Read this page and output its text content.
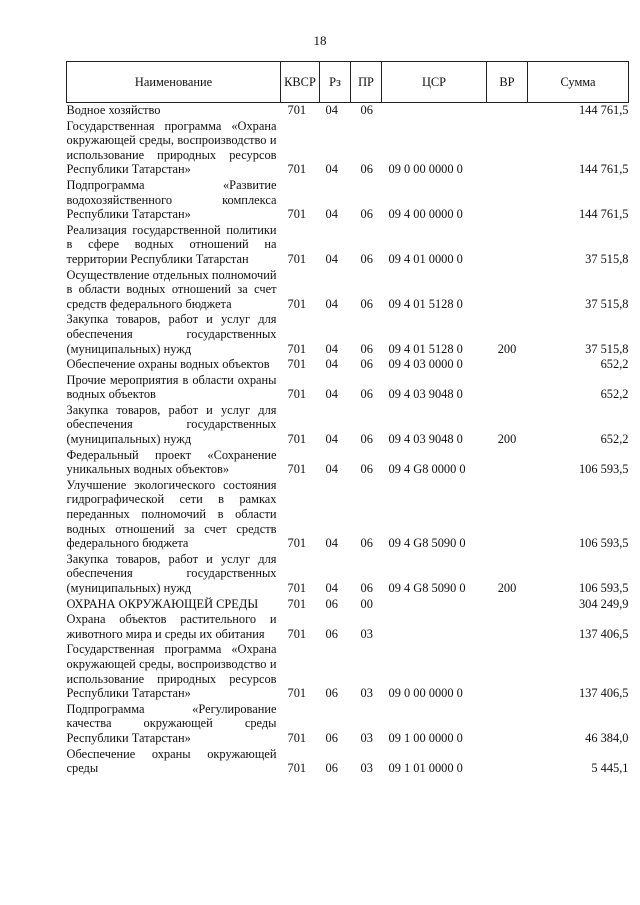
18
Наименование	КВСР	Рз	ПР	ЦСР	ВР	Сумма
Водное хозяйство	701	04	06			144 761,5
Государственная программа «Охрана окружающей среды, воспроизводство и использование природных ресурсов Республики Татарстан»	701	04	06	09 0 00 0000 0		144 761,5
Подпрограмма «Развитие водохозяйственного комплекса Республики Татарстан»	701	04	06	09 4 00 0000 0		144 761,5
Реализация государственной политики в сфере водных отношений на территории Республики Татарстан	701	04	06	09 4 01 0000 0		37 515,8
Осуществление отдельных полномочий в области водных отношений за счет средств федерального бюджета	701	04	06	09 4 01 5128 0		37 515,8
Закупка товаров, работ и услуг для обеспечения государственных (муниципальных) нужд	701	04	06	09 4 01 5128 0	200	37 515,8
Обеспечение охраны водных объектов	701	04	06	09 4 03 0000 0		652,2
Прочие мероприятия в области охраны водных объектов	701	04	06	09 4 03 9048 0		652,2
Закупка товаров, работ и услуг для обеспечения государственных (муниципальных) нужд	701	04	06	09 4 03 9048 0	200	652,2
Федеральный проект «Сохранение уникальных водных объектов»	701	04	06	09 4 G8 0000 0		106 593,5
Улучшение экологического состояния гидрографической сети в рамках переданных полномочий в области водных отношений за счет средств федерального бюджета	701	04	06	09 4 G8 5090 0		106 593,5
Закупка товаров, работ и услуг для обеспечения государственных (муниципальных) нужд	701	04	06	09 4 G8 5090 0	200	106 593,5
ОХРАНА ОКРУЖАЮЩЕЙ СРЕДЫ	701	06	00			304 249,9
Охрана объектов растительного и животного мира и среды их обитания	701	06	03			137 406,5
Государственная программа «Охрана окружающей среды, воспроизводство и использование природных ресурсов Республики Татарстан»	701	06	03	09 0 00 0000 0		137 406,5
Подпрограмма «Регулирование качества окружающей среды Республики Татарстан»	701	06	03	09 1 00 0000 0		46 384,0
Обеспечение охраны окружающей среды	701	06	03	09 1 01 0000 0		5 445,1
